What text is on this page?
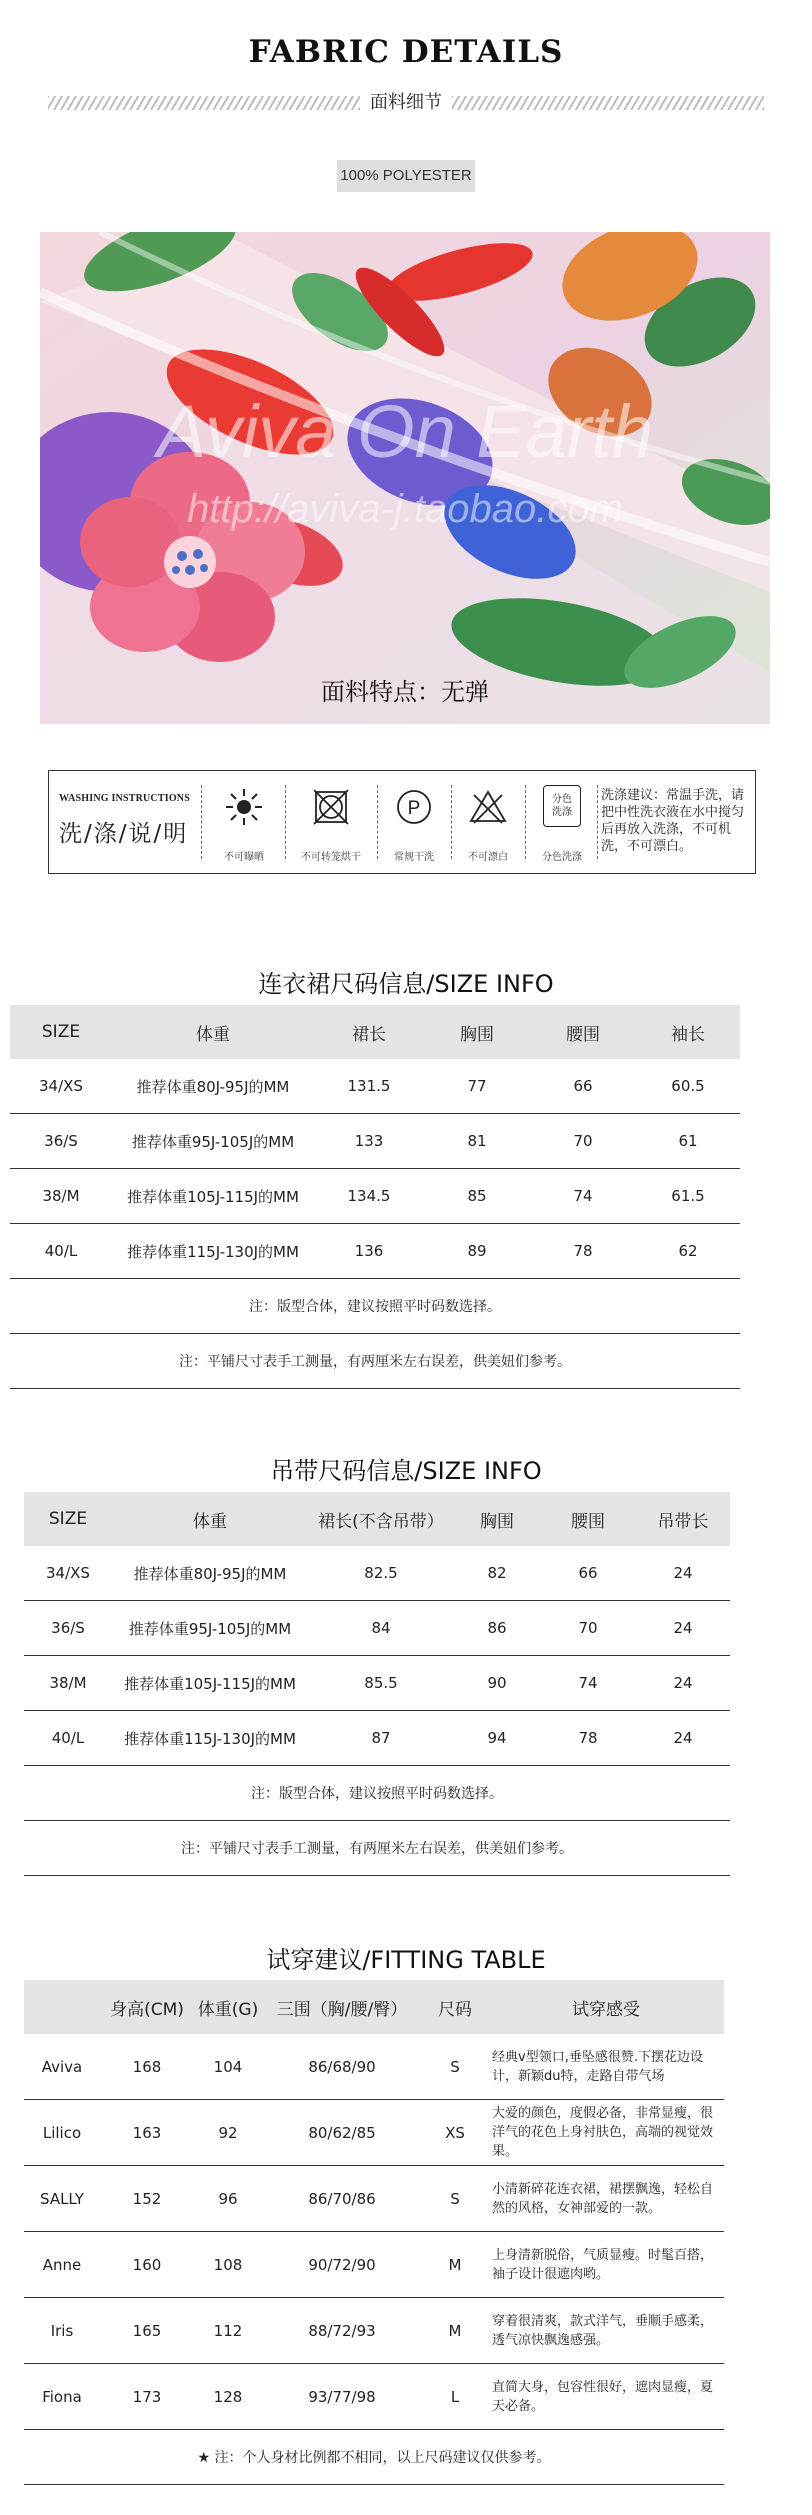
FABRIC DETAILS
面料细节
100% POLYESTER
Aviva On Earth
http://aviva-j.taobao.com
面料特点：无弹
WASHING INSTRUCTIONS
洗/涤/说/明
不可曝晒	不可转笼烘干
P
常规干洗	不可漂白
分色
洗涤
分色洗涤
洗涤建议：常温手洗，请把中性洗衣液在水中搅匀后再放入洗涤，不可机洗，不可漂白。
连衣裙尺码信息/SIZE INFO
SIZE	体重	裙长	胸围	腰围	袖长
34/XS	推荐体重80J-95J的MM	131.5	77	66	60.5
36/S	推荐体重95J-105J的MM	133	81	70	61
38/M	推荐体重105J-115J的MM	134.5	85	74	61.5
40/L	推荐体重115J-130J的MM	136	89	78	62
注：版型合体，建议按照平时码数选择。					
注：平铺尺寸表手工测量，有两厘米左右误差，供美妞们参考。					
吊带尺码信息/SIZE INFO
SIZE	体重	裙长(不含吊带）	胸围	腰围	吊带长
34/XS	推荐体重80J-95J的MM	82.5	82	66	24
36/S	推荐体重95J-105J的MM	84	86	70	24
38/M	推荐体重105J-115J的MM	85.5	90	74	24
40/L	推荐体重115J-130J的MM	87	94	78	24
注：版型合体，建议按照平时码数选择。					
注：平铺尺寸表手工测量，有两厘米左右误差，供美妞们参考。					
试穿建议/FITTING TABLE
	身高(CM)	体重(G)	三围（胸/腰/臀）	尺码	试穿感受
Aviva	168	104	86/68/90	S	经典v型领口,垂坠感很赞.下摆花边设计，新颖du特，走路自带气场
Lilico	163	92	80/62/85	XS	大爱的颜色，度假必备，非常显瘦，很洋气的花色上身衬肤色，高端的视觉效果。
SALLY	152	96	86/70/86	S	小清新碎花连衣裙，裙摆飘逸，轻松自然的风格，女神部爱的一款。
Anne	160	108	90/72/90	M	上身清新脱俗，气质显瘦。时髦百搭，袖子设计很遮肉哟。
Iris	165	112	88/72/93	M	穿着很清爽，款式洋气，垂顺手感柔，透气凉快飘逸感强。
Fiona	173	128	93/77/98	L	直简大身，包容性很好，遮肉显瘦，夏天必备。
★ 注：个人身材比例都不相同，以上尺码建议仅供参考。					
